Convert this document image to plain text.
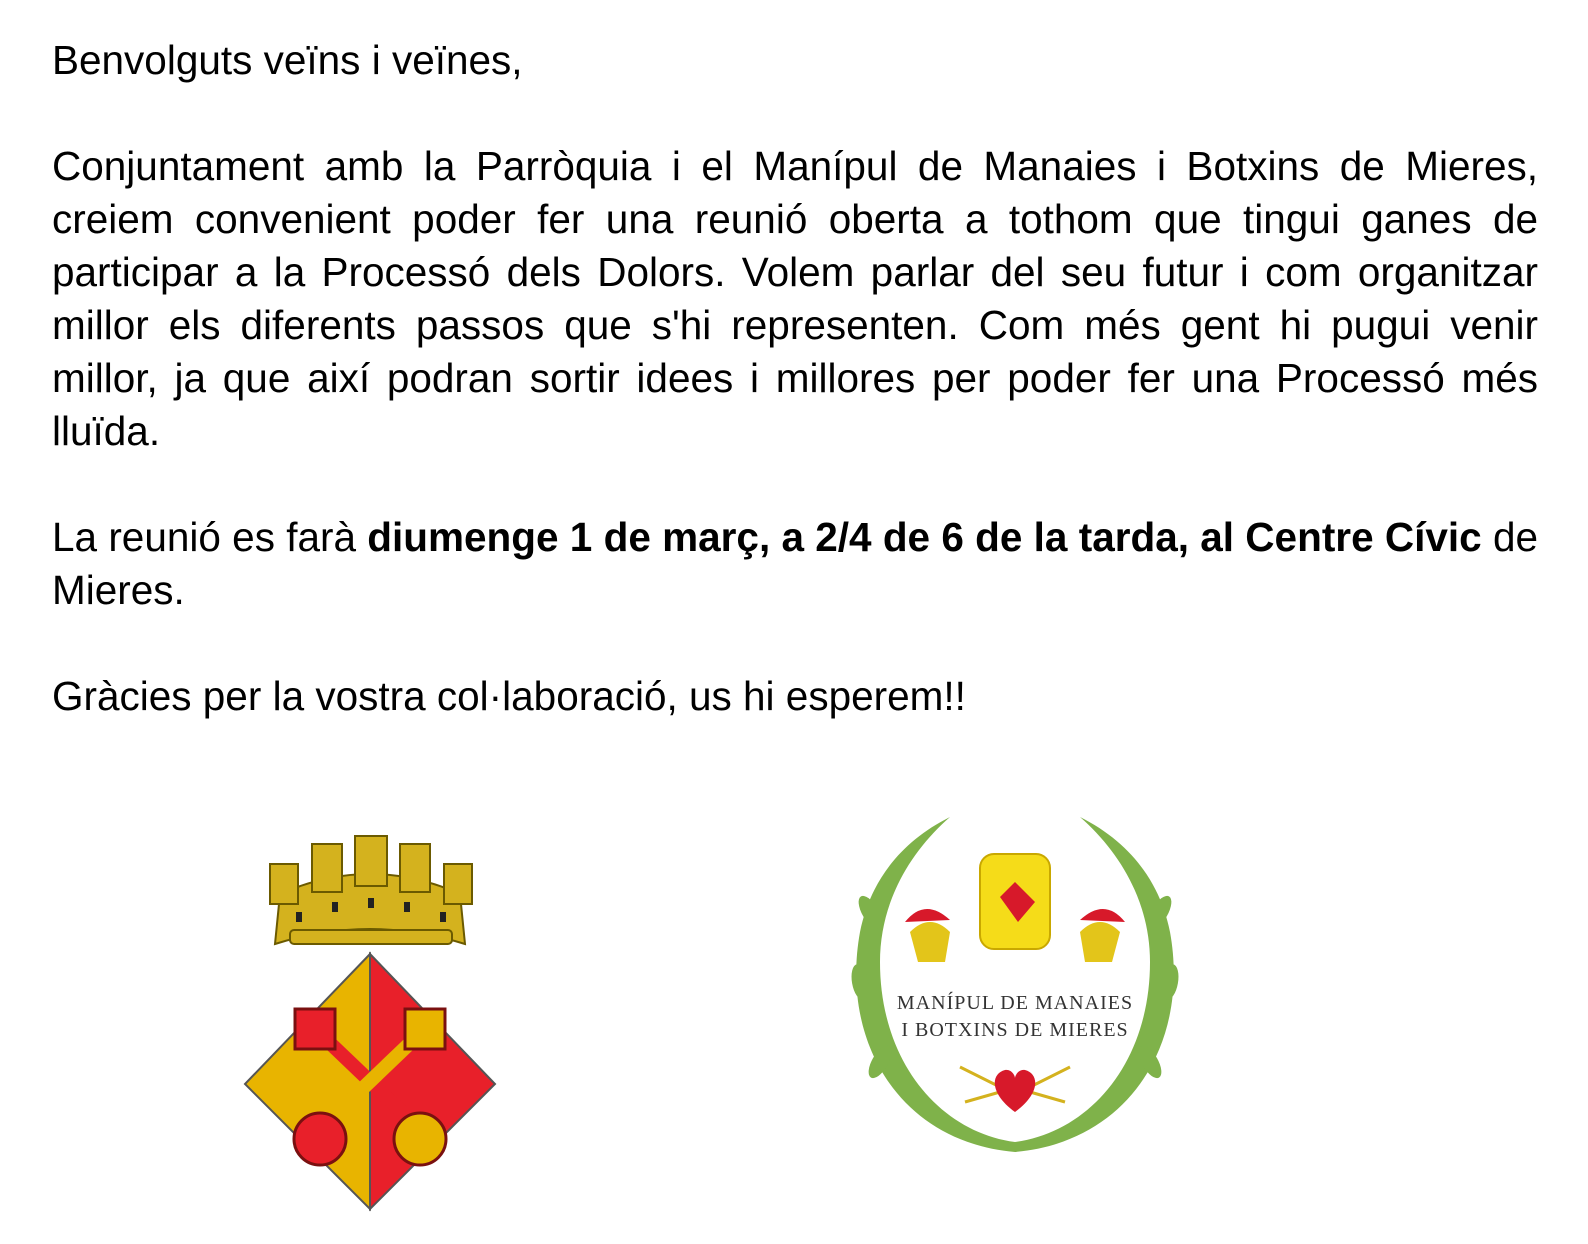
Benvolguts veïns i veïnes,

Conjuntament amb la Parròquia i el Manípul de Manaies i Botxins de Mieres, creiem convenient poder fer una reunió oberta a tothom que tingui ganes de participar a la Processó dels Dolors. Volem parlar del seu futur i com organitzar millor els diferents passos que s'hi representen. Com més gent hi pugui venir millor, ja que així podran sortir idees i millores per poder fer una Processó més lluïda.

La reunió es farà diumenge 1 de març, a 2/4 de 6 de la tarda, al Centre Cívic de Mieres.

Gràcies per la vostra col·laboració, us hi esperem!!

MANÍPUL DE MANAIES
I BOTXINS DE MIERES
